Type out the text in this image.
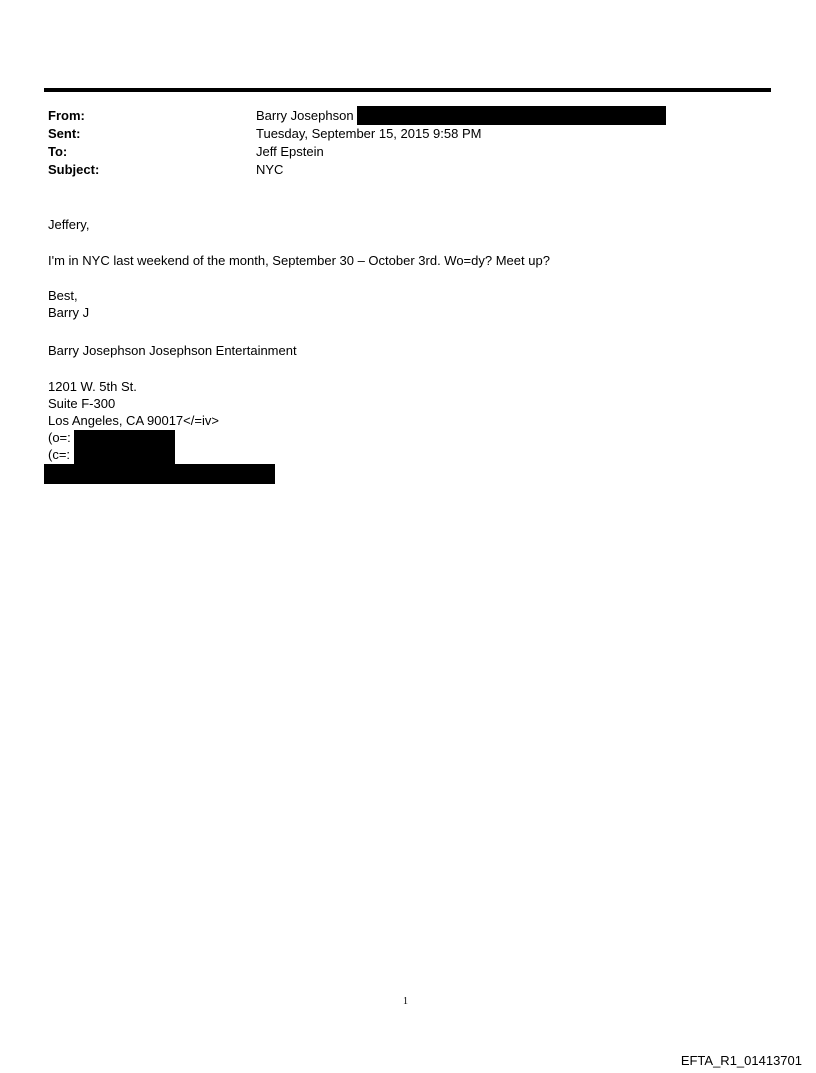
From:	Barry Josephson
Sent:	Tuesday, September 15, 2015 9:58 PM
To:	Jeff Epstein
Subject:	NYC
Jeffery,
I'm in NYC last weekend of the month, September 30 – October 3rd. Wo=dy? Meet up?
Best,
Barry J
Barry Josephson Josephson Entertainment
1201 W. 5th St.
Suite F-300
Los Angeles, CA 90017</=iv>
(o=:
(c=:
1
EFTA_R1_01413701
